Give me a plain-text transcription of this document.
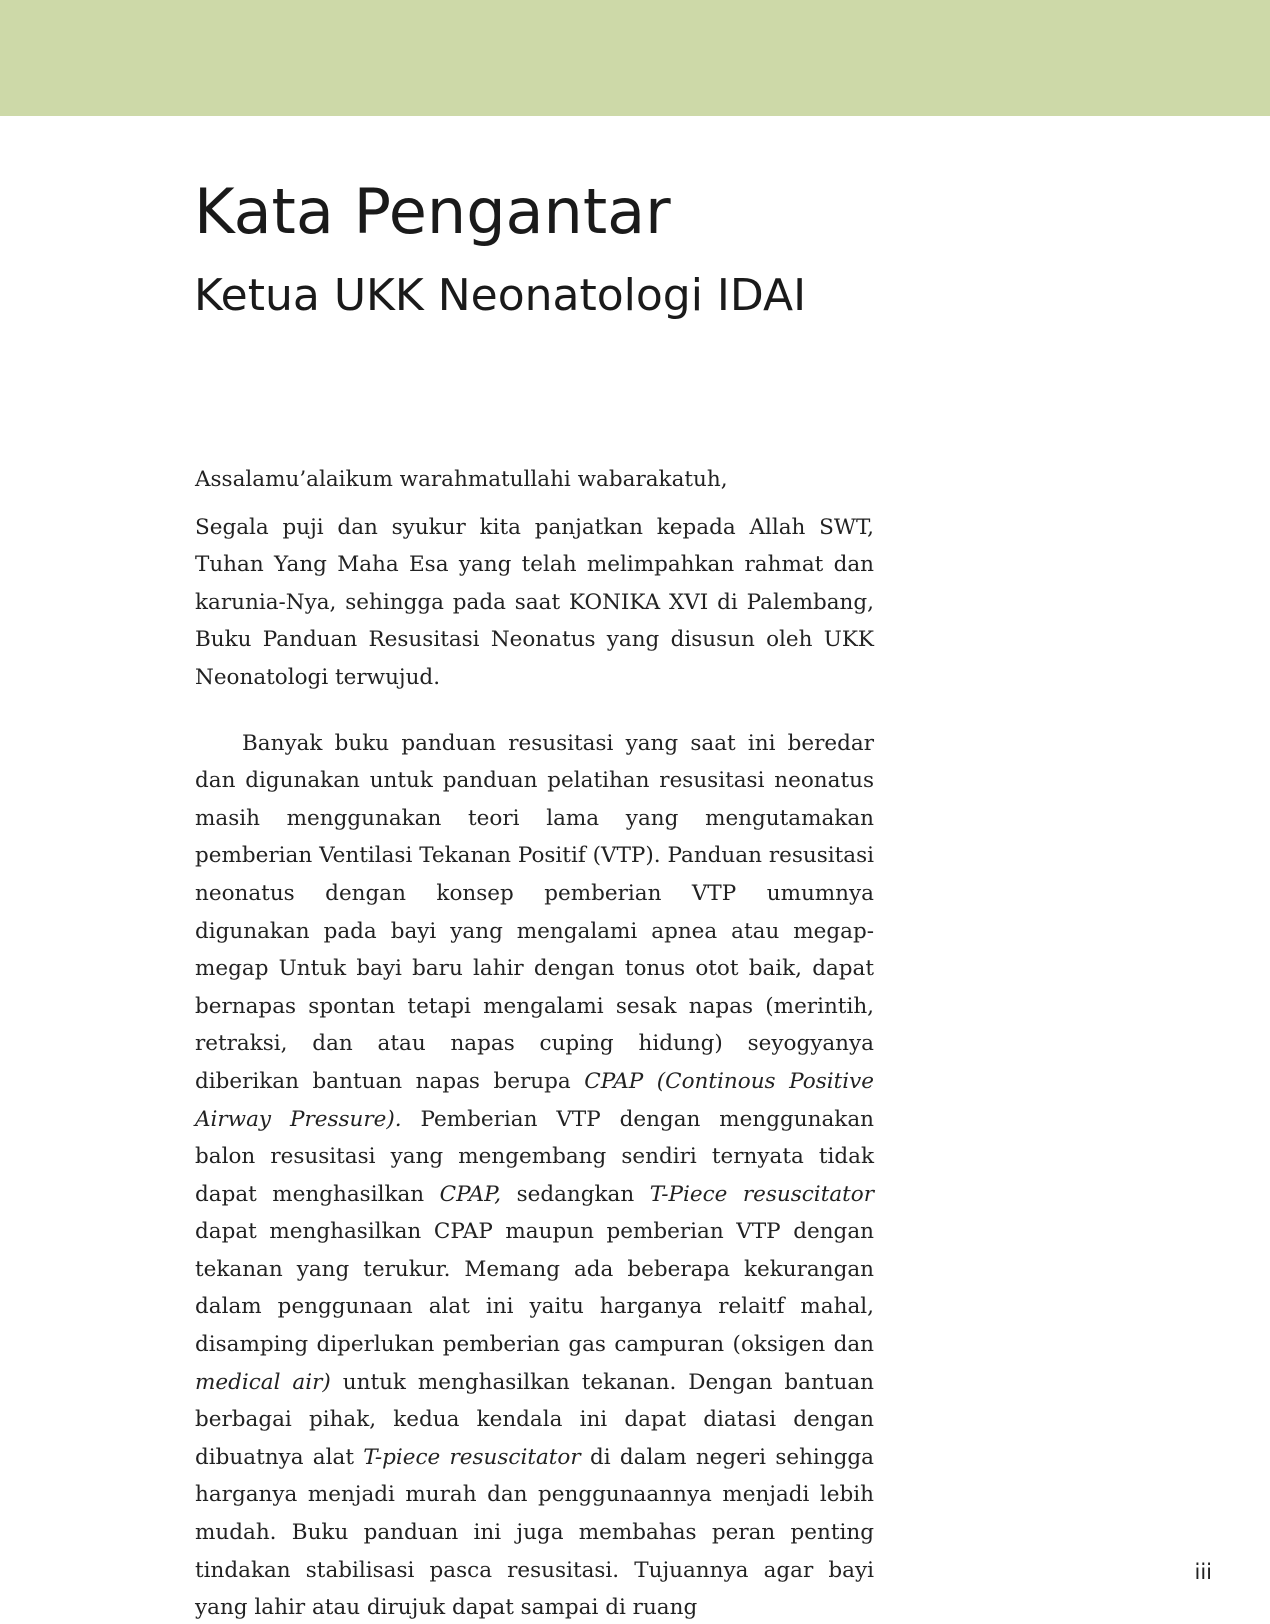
Kata Pengantar
Ketua UKK Neonatologi IDAI

Assalamu’alaikum warahmatullahi wabarakatuh,

Segala puji dan syukur kita panjatkan kepada Allah SWT, Tuhan Yang Maha Esa yang telah melimpahkan rahmat dan karunia-Nya, sehingga pada saat KONIKA XVI di Palembang, Buku Panduan Resusitasi Neonatus yang disusun oleh UKK Neonatologi terwujud.

Banyak buku panduan resusitasi yang saat ini beredar dan digunakan untuk panduan pelatihan resusitasi neonatus masih menggunakan teori lama yang mengutamakan pemberian Ventilasi Tekanan Positif (VTP). Panduan resusitasi neonatus dengan konsep pemberian VTP umumnya digunakan pada bayi yang mengalami apnea atau megap-megap Untuk bayi baru lahir dengan tonus otot baik, dapat bernapas spontan tetapi mengalami sesak napas (merintih, retraksi, dan atau napas cuping hidung) seyogyanya diberikan bantuan napas berupa CPAP (Continous Positive Airway Pressure). Pemberian VTP dengan menggunakan balon resusitasi yang mengembang sendiri ternyata tidak dapat menghasilkan CPAP, sedangkan T-Piece resuscitator dapat menghasilkan CPAP maupun pemberian VTP dengan tekanan yang terukur. Memang ada beberapa kekurangan dalam penggunaan alat ini yaitu harganya relaitf mahal, disamping diperlukan pemberian gas campuran (oksigen dan medical air) untuk menghasilkan tekanan. Dengan bantuan berbagai pihak, kedua kendala ini dapat diatasi dengan dibuatnya alat T-piece resuscitator di dalam negeri sehingga harganya menjadi murah dan penggunaannya menjadi lebih mudah. Buku panduan ini juga membahas peran penting tindakan stabilisasi pasca resusitasi. Tujuannya agar bayi yang lahir atau dirujuk dapat sampai di ruang

iii
